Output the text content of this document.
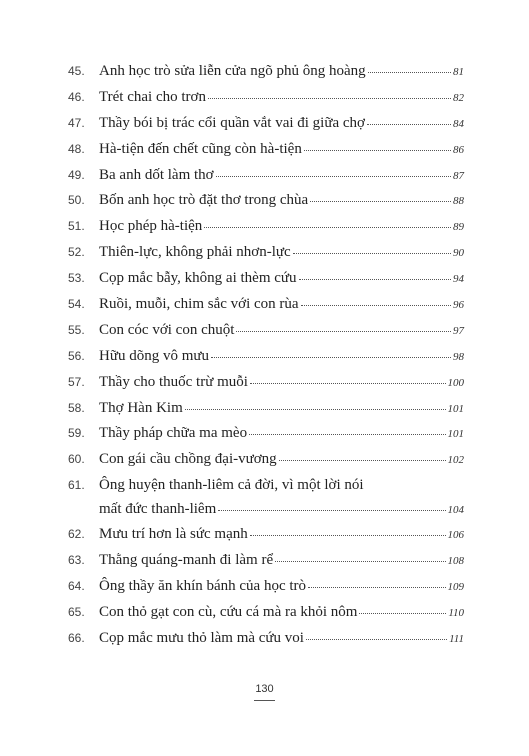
45. Anh học trò sửa liễn cửa ngõ phủ ông hoàng	81
46. Trét chai cho trơn	82
47. Thầy bói bị trác cổi quần vắt vai đi giữa chợ	84
48. Hà-tiện đến chết cũng còn hà-tiện	86
49. Ba anh dốt làm thơ	87
50. Bốn anh học trò đặt thơ trong chùa	88
51. Học phép hà-tiện	89
52. Thiên-lực, không phải nhơn-lực	90
53. Cọp mắc bẫy, không ai thèm cứu	94
54. Ruồi, muỗi, chim sắc với con rùa	96
55. Con cóc với con chuột	97
56. Hữu dõng vô mưu	98
57. Thầy cho thuốc trừ muỗi	100
58. Thợ Hàn Kim	101
59. Thầy pháp chữa ma mèo	101
60. Con gái cầu chồng đại-vương	102
61. Ông huyện thanh-liêm cả đời, vì một lời nói
mất đức thanh-liêm	104
62. Mưu trí hơn là sức mạnh	106
63. Thằng quáng-manh đi làm rể	108
64. Ông thầy ăn khín bánh của học trò	109
65. Con thỏ gạt con cù, cứu cá mà ra khỏi nôm	110
66. Cọp mắc mưu thỏ làm mà cứu voi	111
130
